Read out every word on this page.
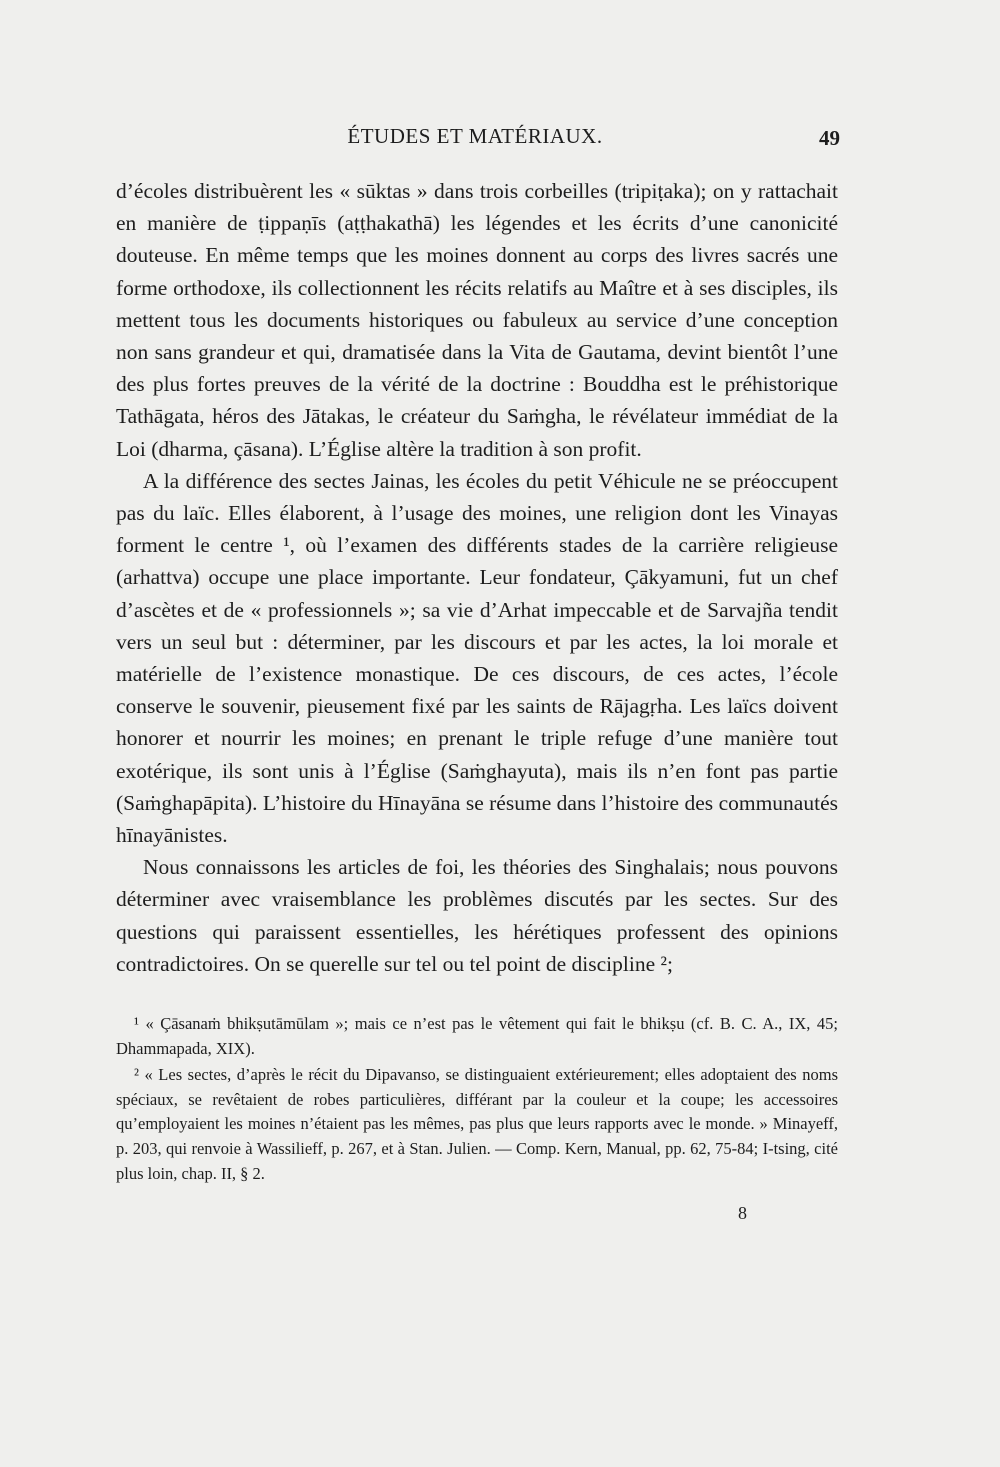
ÉTUDES ET MATÉRIAUX.	49

d’écoles distribuèrent les « sūktas » dans trois corbeilles (tripiṭaka); on y rattachait en manière de ṭippaṇīs (aṭṭhakathā) les légendes et les écrits d’une canonicité douteuse. En même temps que les moines donnent au corps des livres sacrés une forme orthodoxe, ils collectionnent les récits relatifs au Maître et à ses disciples, ils mettent tous les documents historiques ou fabuleux au service d’une conception non sans grandeur et qui, dramatisée dans la Vita de Gautama, devint bientôt l’une des plus fortes preuves de la vérité de la doctrine : Bouddha est le préhistorique Tathāgata, héros des Jātakas, le créateur du Saṁgha, le révélateur immédiat de la Loi (dharma, çāsana). L’Église altère la tradition à son profit.

A la différence des sectes Jainas, les écoles du petit Véhicule ne se préoccupent pas du laïc. Elles élaborent, à l’usage des moines, une religion dont les Vinayas forment le centre ¹, où l’examen des différents stades de la carrière religieuse (arhattva) occupe une place importante. Leur fondateur, Çākyamuni, fut un chef d’ascètes et de « professionnels »; sa vie d’Arhat impeccable et de Sarvajña tendit vers un seul but : déterminer, par les discours et par les actes, la loi morale et matérielle de l’existence monastique. De ces discours, de ces actes, l’école conserve le souvenir, pieusement fixé par les saints de Rājagṛha. Les laïcs doivent honorer et nourrir les moines; en prenant le triple refuge d’une manière tout exotérique, ils sont unis à l’Église (Saṁghayuta), mais ils n’en font pas partie (Saṁghapāpita). L’histoire du Hīnayāna se résume dans l’histoire des communautés hīnayānistes.

Nous connaissons les articles de foi, les théories des Singhalais; nous pouvons déterminer avec vraisemblance les problèmes discutés par les sectes. Sur des questions qui paraissent essentielles, les hérétiques professent des opinions contradictoires. On se querelle sur tel ou tel point de discipline ²;

¹ « Çāsanaṁ bhikṣutāmūlam »; mais ce n’est pas le vêtement qui fait le bhikṣu (cf. B. C. A., IX, 45; Dhammapada, XIX).

² « Les sectes, d’après le récit du Dipavanso, se distinguaient extérieurement; elles adoptaient des noms spéciaux, se revêtaient de robes particulières, différant par la couleur et la coupe; les accessoires qu’employaient les moines n’étaient pas les mêmes, pas plus que leurs rapports avec le monde. » Minayeff, p. 203, qui renvoie à Wassilieff, p. 267, et à Stan. Julien. — Comp. Kern, Manual, pp. 62, 75-84; I-tsing, cité plus loin, chap. II, § 2.

8
